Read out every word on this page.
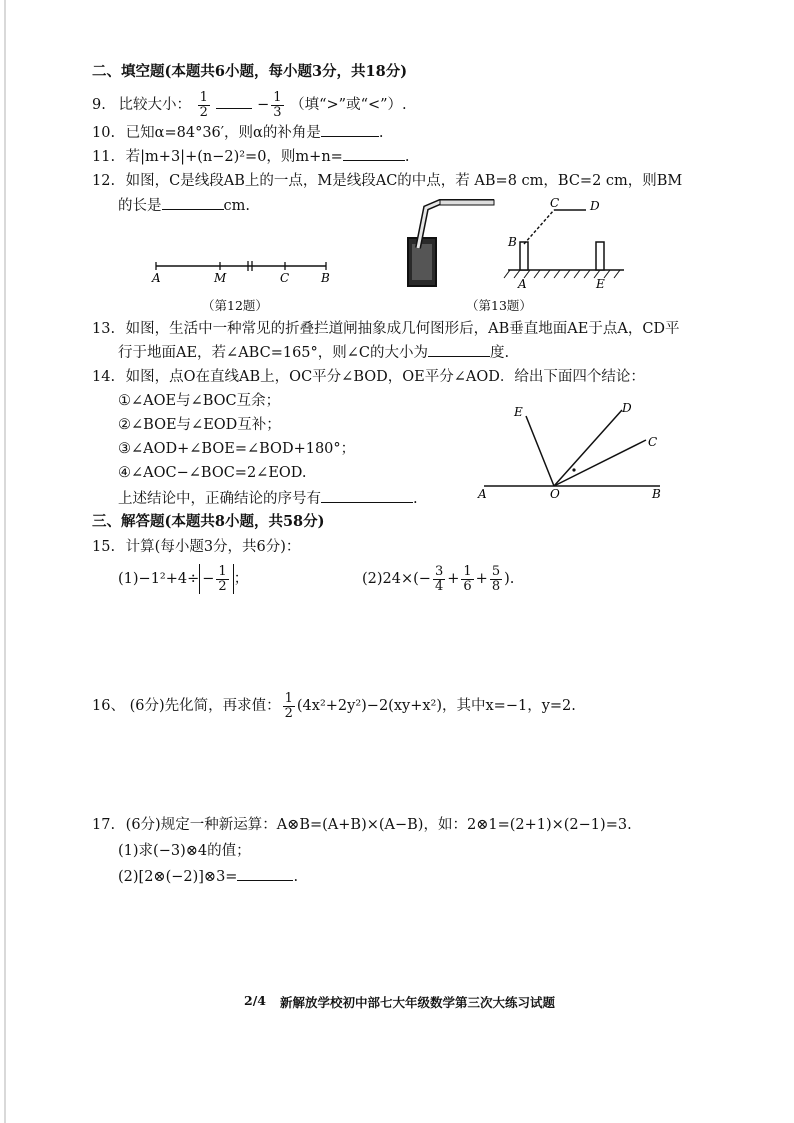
二、填空题(本题共6小题，每小题3分，共18分)
9. 比较大小： $\frac{1}{2}$	− $\frac{1}{3}$ （填“>”或“<”）.
10. 已知α=84°36′，则α的补角是	.
11. 若|m+3|+(n−2)²=0，则m+n=	.
12. 如图，C是线段AB上的一点，M是线段AC的中点，若 AB=8 cm，BC=2 cm，则BM
的长是	cm.
A	M	C	B
（第12题）
C	D
B
A	E
（第13题）
13. 如图，生活中一种常见的折叠拦道闸抽象成几何图形后，AB垂直地面AE于点A，CD平
行于地面AE，若∠ABC=165°，则∠C的大小为	度.
14. 如图，点O在直线AB上，OC平分∠BOD，OE平分∠AOD．给出下面四个结论：
①∠AOE与∠BOC互余；
②∠BOE与∠EOD互补；
③∠AOD+∠BOE=∠BOD+180°；
④∠AOC−∠BOC=2∠EOD.
上述结论中，正确结论的序号有	.
E	D
C
A	O	B
三、解答题(本题共8小题，共58分)
15. 计算(每小题3分，共6分)：
$(1)-1^2+4\div - \frac{1}{2}$ ；	$(2)24\times(- \frac{3}{4} + \frac{1}{6} + \frac{5}{8}$ ).
16、 (6分)先化简，再求值： $\frac{1}{2} (4x^2+2y^2)-2(xy+x^2)$，其中x=−1，y=2.
17. (6分)规定一种新运算：A⊗B=(A+B)×(A−B)，如：2⊗1=(2+1)×(2−1)=3.
(1)求(−3)⊗4的值；
(2)[2⊗(−2)]⊗3=	.
2/4 新解放学校初中部七大年级数学第三次大练习试题
